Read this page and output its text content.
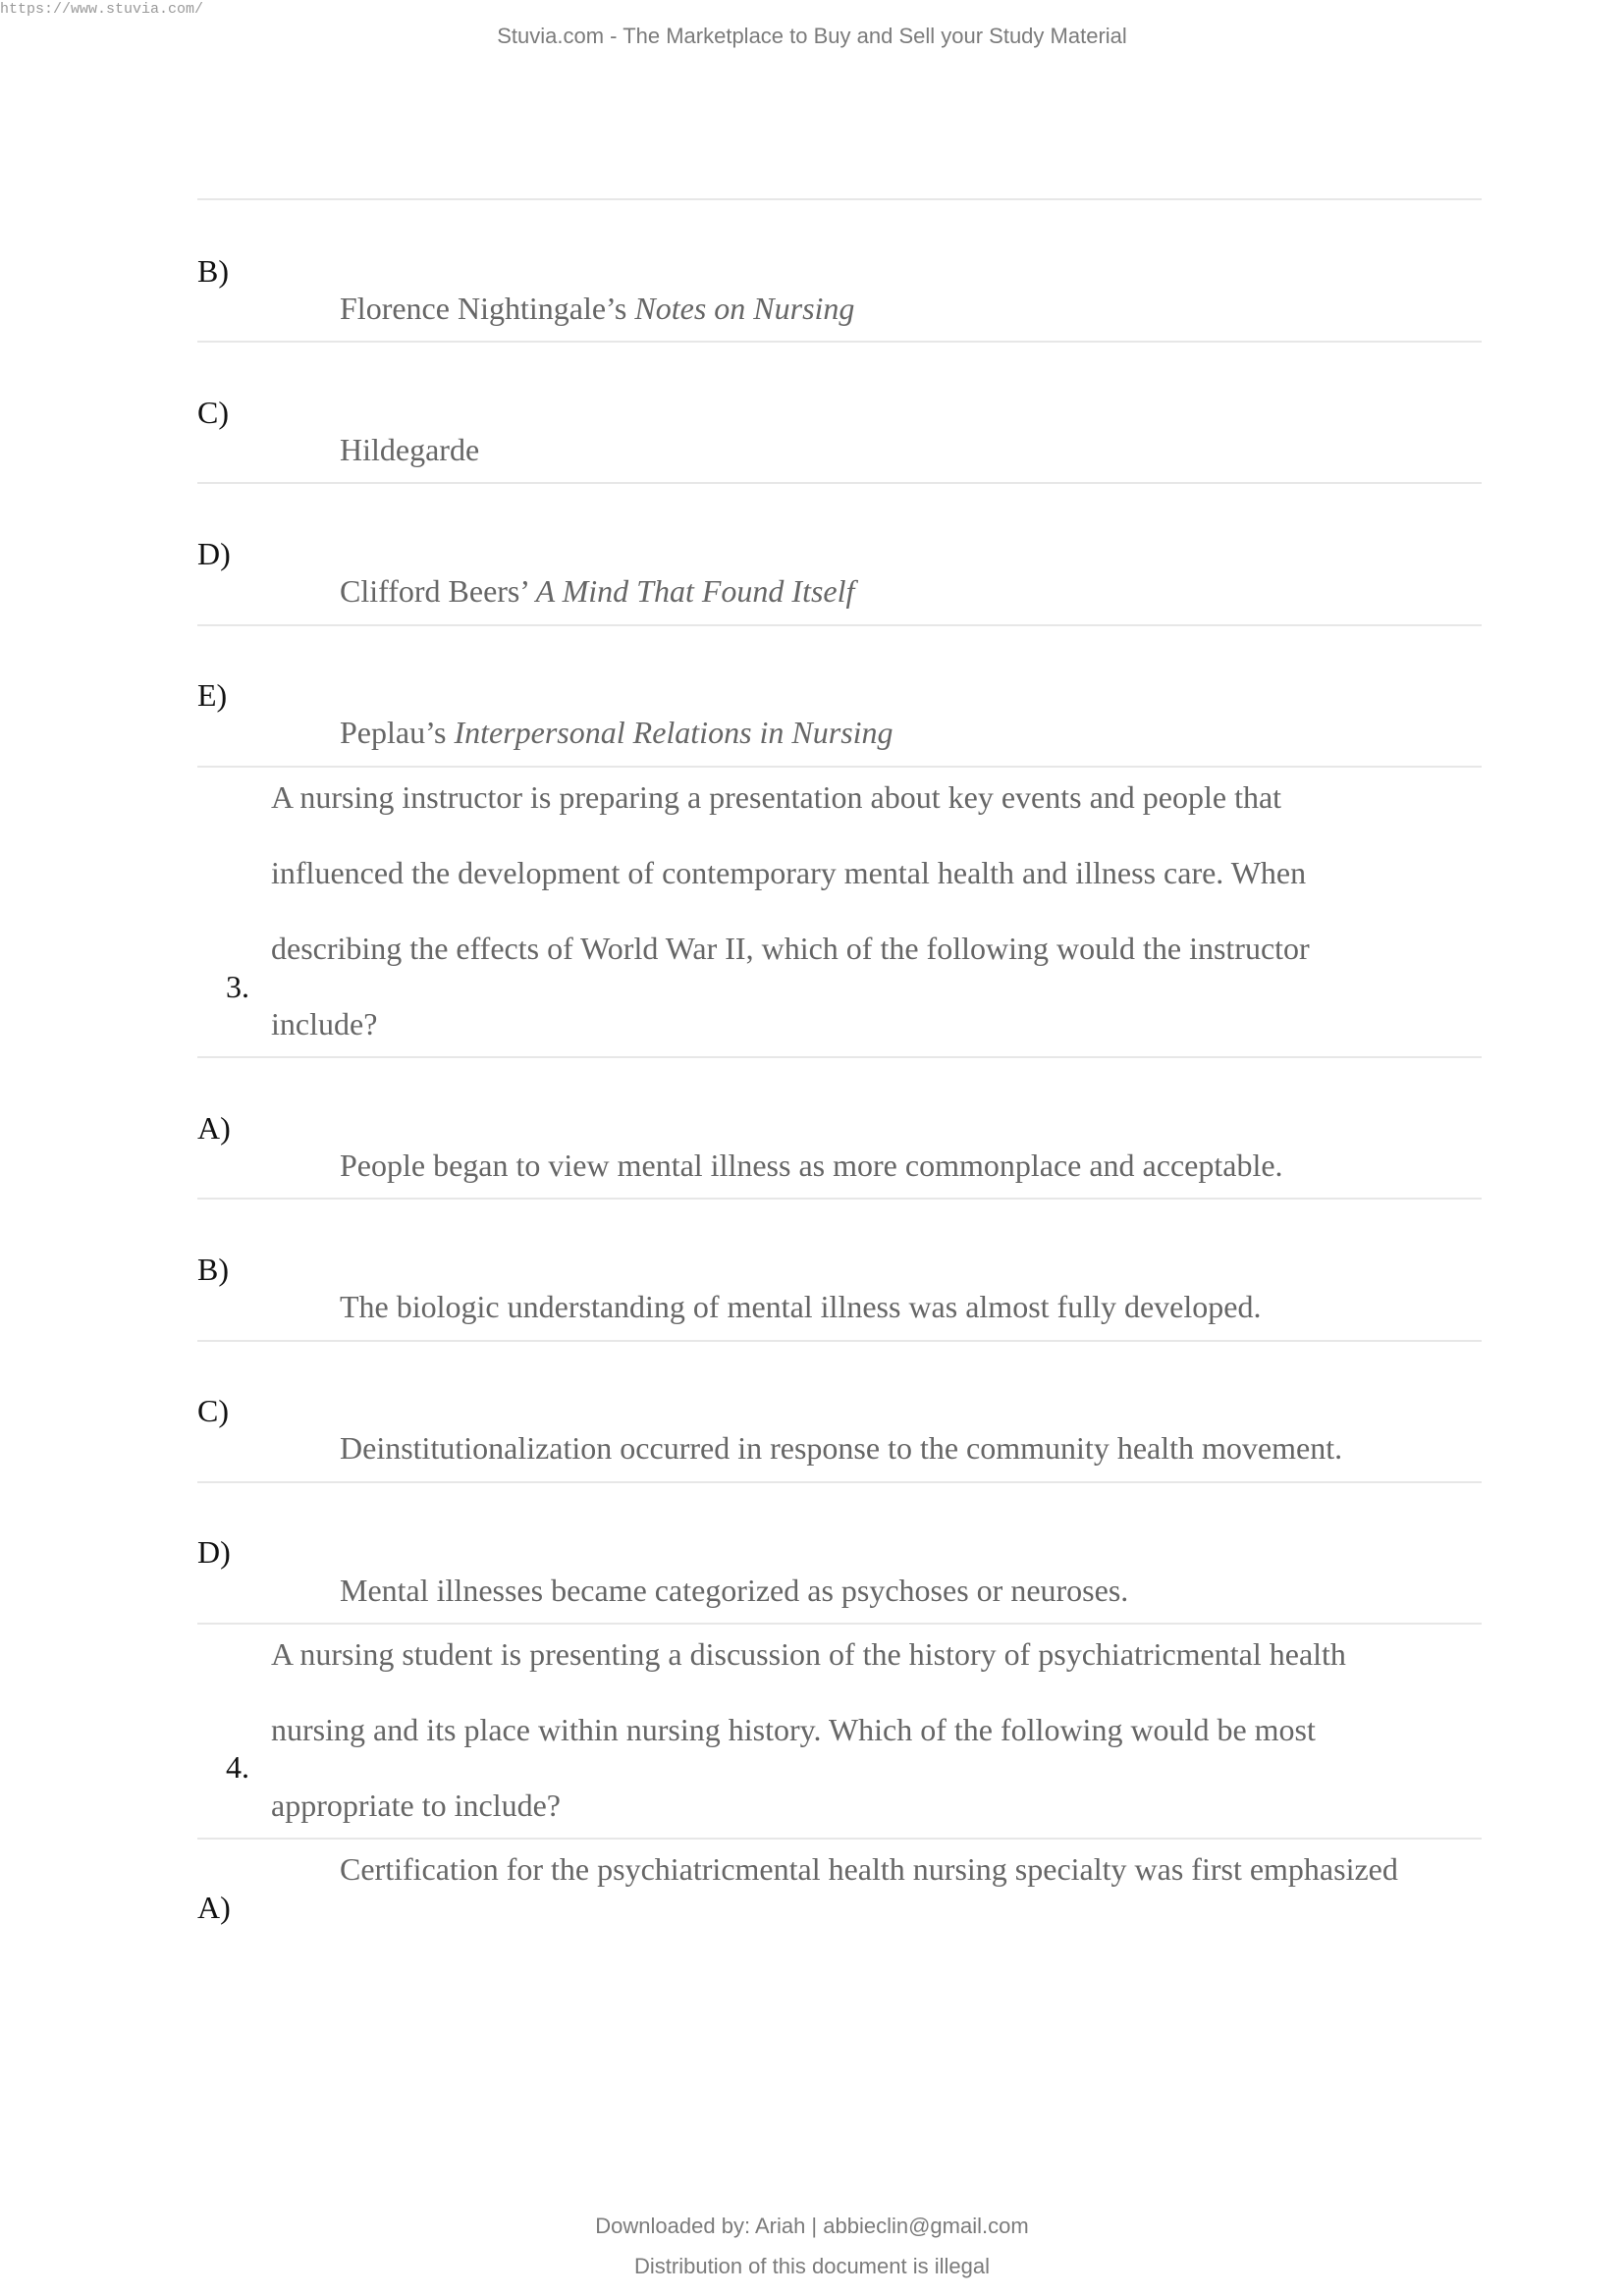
https://www.stuvia.com/
Stuvia.com - The Marketplace to Buy and Sell your Study Material
B)
Florence Nightingale’s Notes on Nursing
C)
Hildegarde
D)
Clifford Beers’ A Mind That Found Itself
E)
Peplau’s Interpersonal Relations in Nursing
A nursing instructor is preparing a presentation about key events and people that
influenced the development of contemporary mental health and illness care. When
describing the effects of World War II, which of the following would the instructor
3.
include?
A)
People began to view mental illness as more commonplace and acceptable.
B)
The biologic understanding of mental illness was almost fully developed.
C)
Deinstitutionalization occurred in response to the community health movement.
D)
Mental illnesses became categorized as psychoses or neuroses.
A nursing student is presenting a discussion of the history of psychiatricmental health
nursing and its place within nursing history. Which of the following would be most
4.
appropriate to include?
Certification for the psychiatricmental health nursing specialty was first emphasized
A)
Downloaded by: Ariah | abbieclin@gmail.com
Distribution of this document is illegal
